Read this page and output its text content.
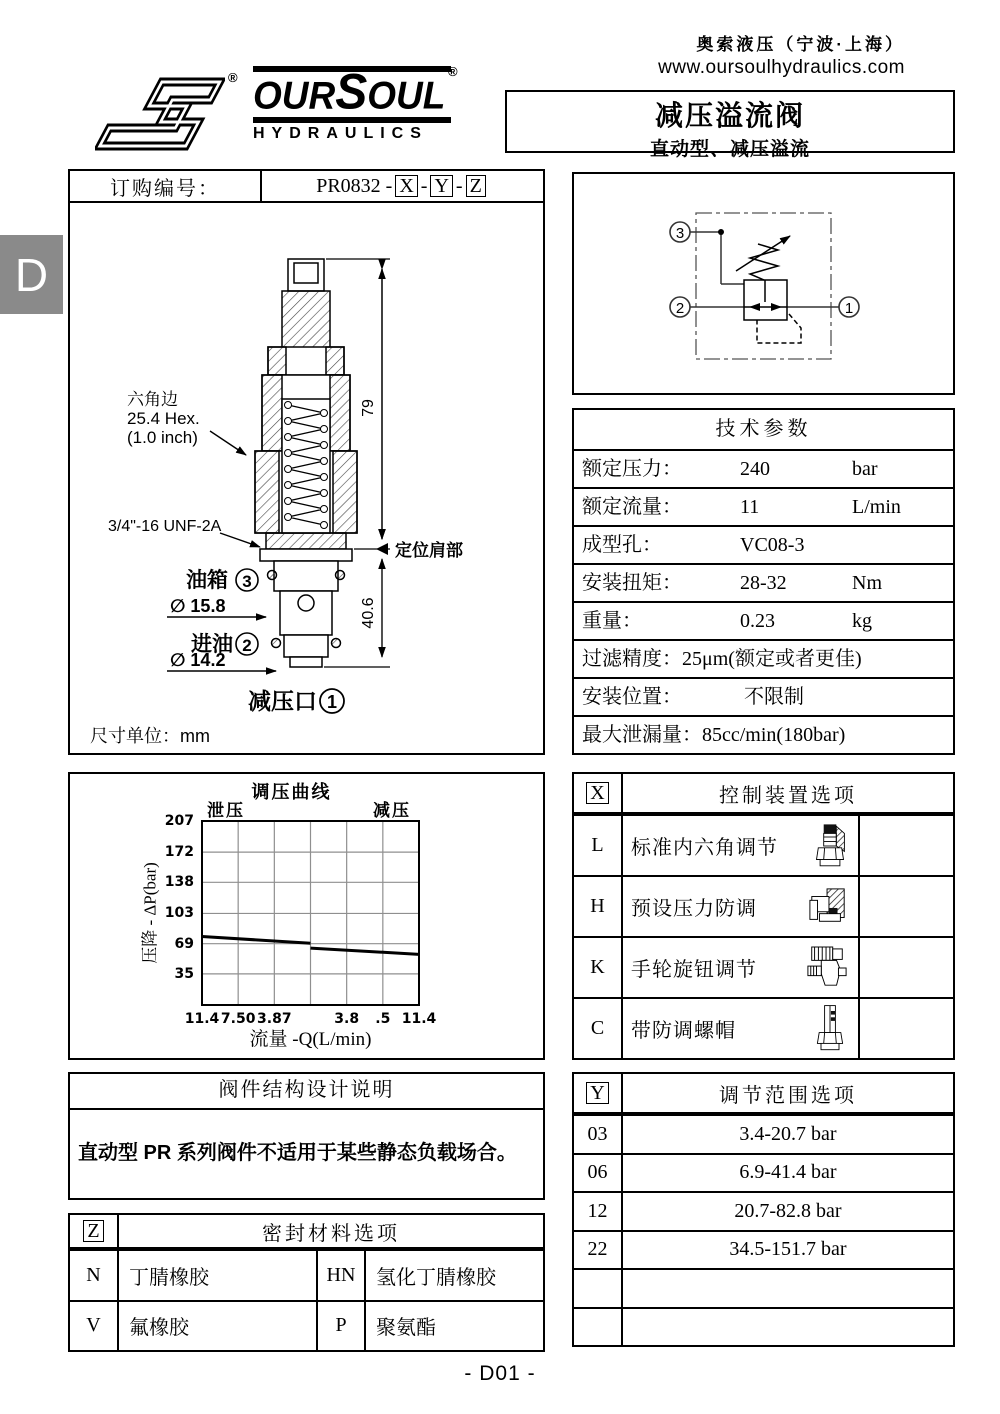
D
® OURSOUL
HYDRAULICS
®
奥索液压（宁波·上海）
www.oursoulhydraulics.com
减压溢流阀
直动型、减压溢流
订购编号：	PR0832 - X - Y - Z
79
40.6
定位肩部
六角边
25.4 Hex.
(1.0 inch)
3/4"-16 UNF-2A
油箱 3
∅ 15.8
进油 2
∅ 14.2
减压口 1
尺寸单位：mm
3
2	1
技术参数
额定压力：	240	bar
额定流量：	11	L/min
成型孔：	VC08-3
安装扭矩：	28-32	Nm
重量：	0.23	kg
过滤精度：25μm(额定或者更佳)
安装位置：	不限制
最大泄漏量：85cc/min(180bar)
调压曲线
泄压	减压
压降 - ΔP(bar)
207
172
138
103
69
35
11.4 7.50 3.87	3.8	.5 11.4
流量 -Q(L/min)
X	控制装置选项
L	标准内六角调节
H	预设压力防调
K	手轮旋钮调节
C	带防调螺帽
阀件结构设计说明
直动型 PR 系列阀件不适用于某些静态负载场合。
Y	调节范围选项
03	3.4-20.7 bar
06	6.9-41.4 bar
12	20.7-82.8 bar
22	34.5-151.7 bar
Z	密封材料选项
N	丁腈橡胶	HN	氢化丁腈橡胶
V	氟橡胶	P	聚氨酯
- D01 -
